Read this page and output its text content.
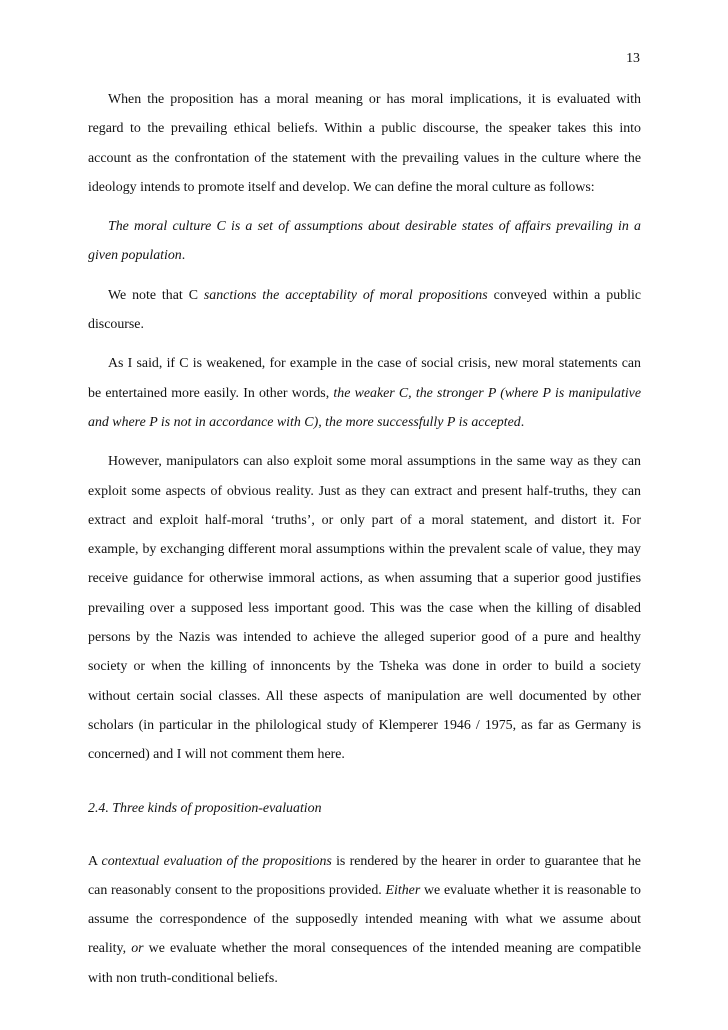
13

When the proposition has a moral meaning or has moral implications, it is evaluated with regard to the prevailing ethical beliefs. Within a public discourse, the speaker takes this into account as the confrontation of the statement with the prevailing values in the culture where the ideology intends to promote itself and develop. We can define the moral culture as follows:

The moral culture C is a set of assumptions about desirable states of affairs prevailing in a given population.

We note that C sanctions the acceptability of moral propositions conveyed within a public discourse.

As I said, if C is weakened, for example in the case of social crisis, new moral statements can be entertained more easily. In other words, the weaker C, the stronger P (where P is manipulative and where P is not in accordance with C), the more successfully P is accepted.

However, manipulators can also exploit some moral assumptions in the same way as they can exploit some aspects of obvious reality. Just as they can extract and present half-truths, they can extract and exploit half-moral ‘truths’, or only part of a moral statement, and distort it. For example, by exchanging different moral assumptions within the prevalent scale of value, they may receive guidance for otherwise immoral actions, as when assuming that a superior good justifies prevailing over a supposed less important good. This was the case when the killing of disabled persons by the Nazis was intended to achieve the alleged superior good of a pure and healthy society or when the killing of innoncents by the Tsheka was done in order to build a society without certain social classes. All these aspects of manipulation are well documented by other scholars (in particular in the philological study of Klemperer 1946 / 1975, as far as Germany is concerned) and I will not comment them here.

2.4. Three kinds of proposition-evaluation

A contextual evaluation of the propositions is rendered by the hearer in order to guarantee that he can reasonably consent to the propositions provided. Either we evaluate whether it is reasonable to assume the correspondence of the supposedly intended meaning with what we assume about reality, or we evaluate whether the moral consequences of the intended meaning are compatible with non truth-conditional beliefs.
